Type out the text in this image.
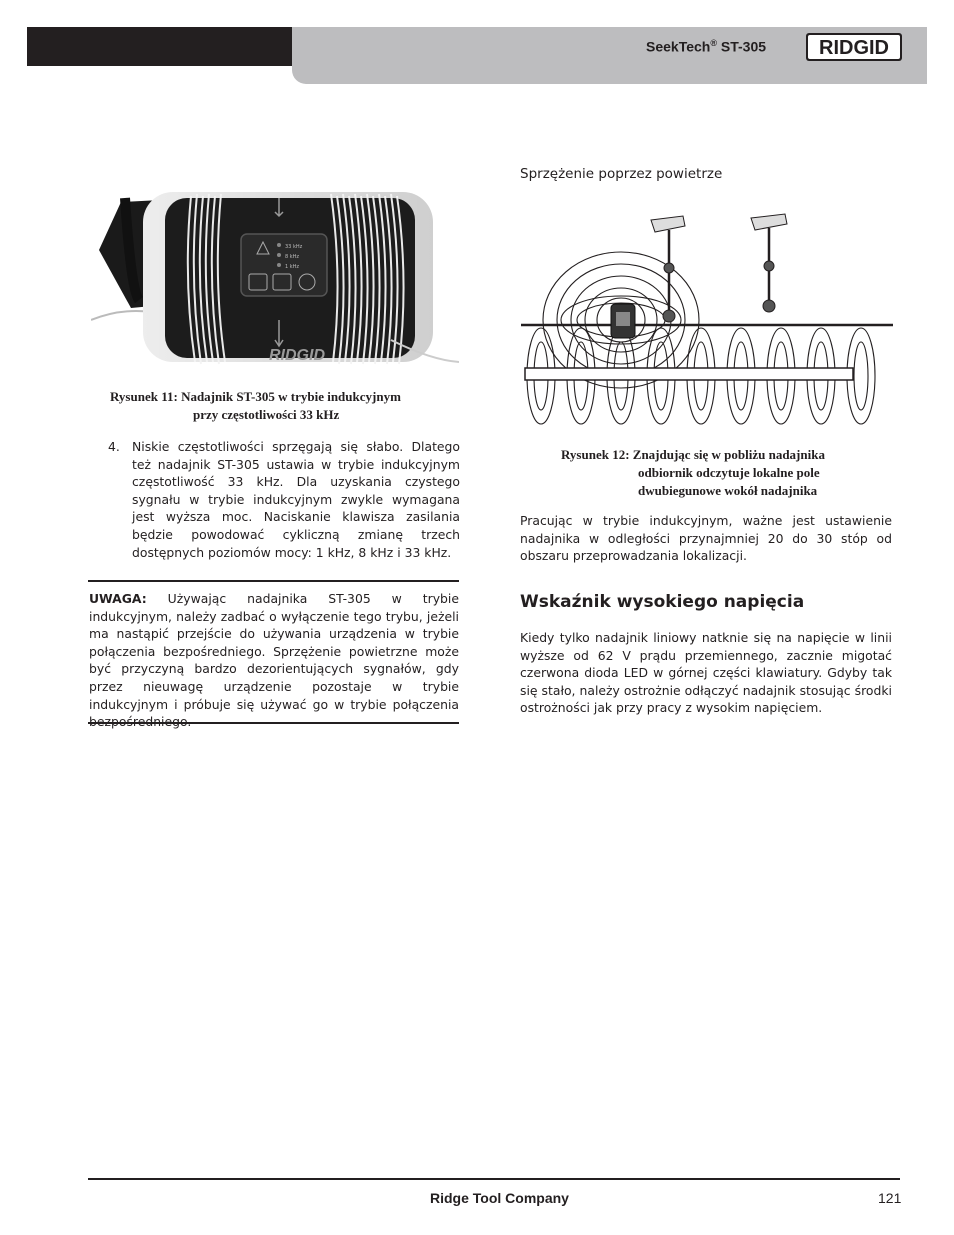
SeekTech® ST-305	RIDGID
33 kHz
8 kHz
1 kHz
RIDGID
Rysunek 11: Nadajnik ST-305 w trybie indukcyjnym
przy częstotliwości 33 kHz
4. Niskie częstotliwości sprzęgają się słabo. Dlatego też nadajnik ST-305 ustawia w trybie indukcyjnym częstotliwość 33 kHz. Dla uzyskania czystego sygnału w trybie indukcyjnym zwykle wymagana jest wyższa moc. Naciskanie klawisza zasilania będzie powodować cykliczną zmianę trzech dostępnych poziomów mocy: 1 kHz, 8 kHz i 33 kHz.
UWAGA: Używając nadajnika ST-305 w trybie indukcyjnym, należy zadbać o wyłączenie tego trybu, jeżeli ma nastąpić przejście do używania urządzenia w trybie połączenia bezpośredniego. Sprzężenie powietrzne może być przyczyną bardzo dezorientujących sygnałów, gdy przez nieuwagę urządzenie pozostaje w trybie indukcyjnym i próbuje się używać go w trybie połączenia
Sprzężenie poprzez powietrze
Rysunek 12: Znajdując się w pobliżu nadajnika
odbiornik odczytuje lokalne pole
dwubiegunowe wokół nadajnika
Pracując w trybie indukcyjnym, ważne jest ustawienie nadajnika w odległości przynajmniej 20 do 30 stóp od obszaru przeprowadzania lokalizacji.
Wskaźnik wysokiego napięcia
Kiedy tylko nadajnik liniowy natknie się na napięcie w linii wyższe od 62 V prądu przemiennego, zacznie migotać czerwona dioda LED w górnej części klawiatury. Gdyby tak się stało, należy ostrożnie odłączyć nadajnik stosując środki ostrożności jak przy pracy z wysokim napięciem.
Ridge Tool Company	121
